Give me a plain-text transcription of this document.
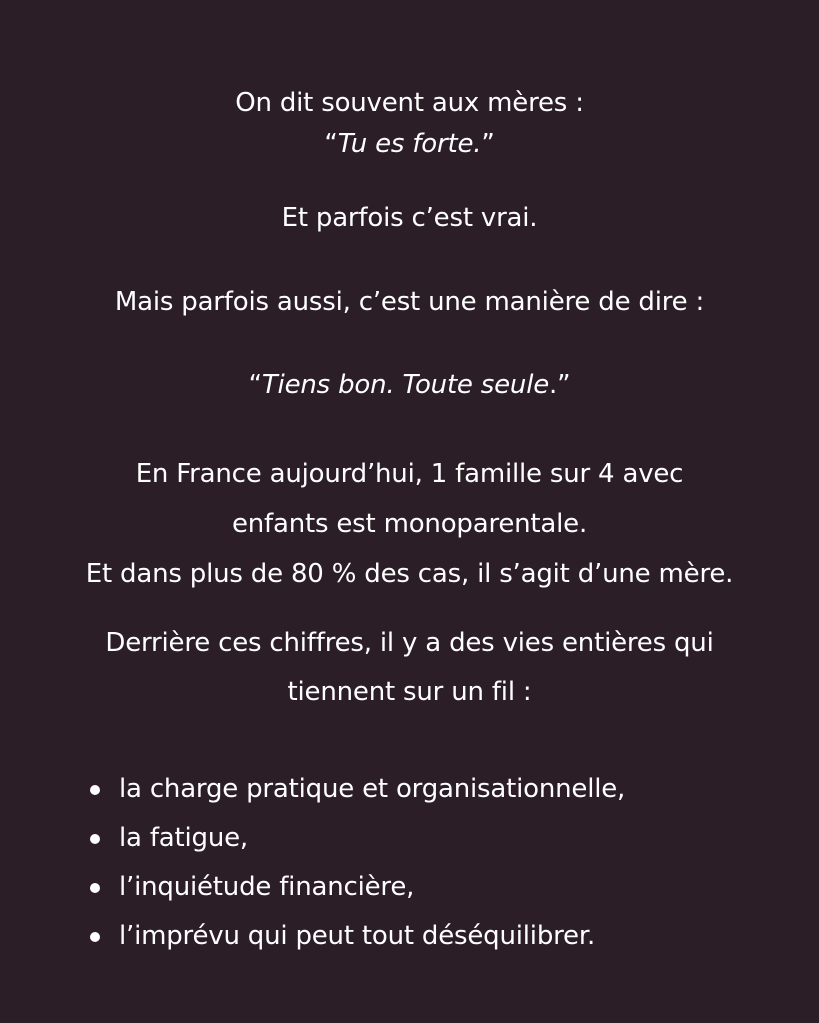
On dit souvent aux mères :
“Tu es forte.”
Et parfois c’est vrai.
Mais parfois aussi, c’est une manière de dire :
“Tiens bon. Toute seule.”
En France aujourd’hui, 1 famille sur 4 avec
enfants est monoparentale.
Et dans plus de 80 % des cas, il s’agit d’une mère.
Derrière ces chiffres, il y a des vies entières qui
tiennent sur un fil :
la charge pratique et organisationnelle,
la fatigue,
l’inquiétude financière,
l’imprévu qui peut tout déséquilibrer.
